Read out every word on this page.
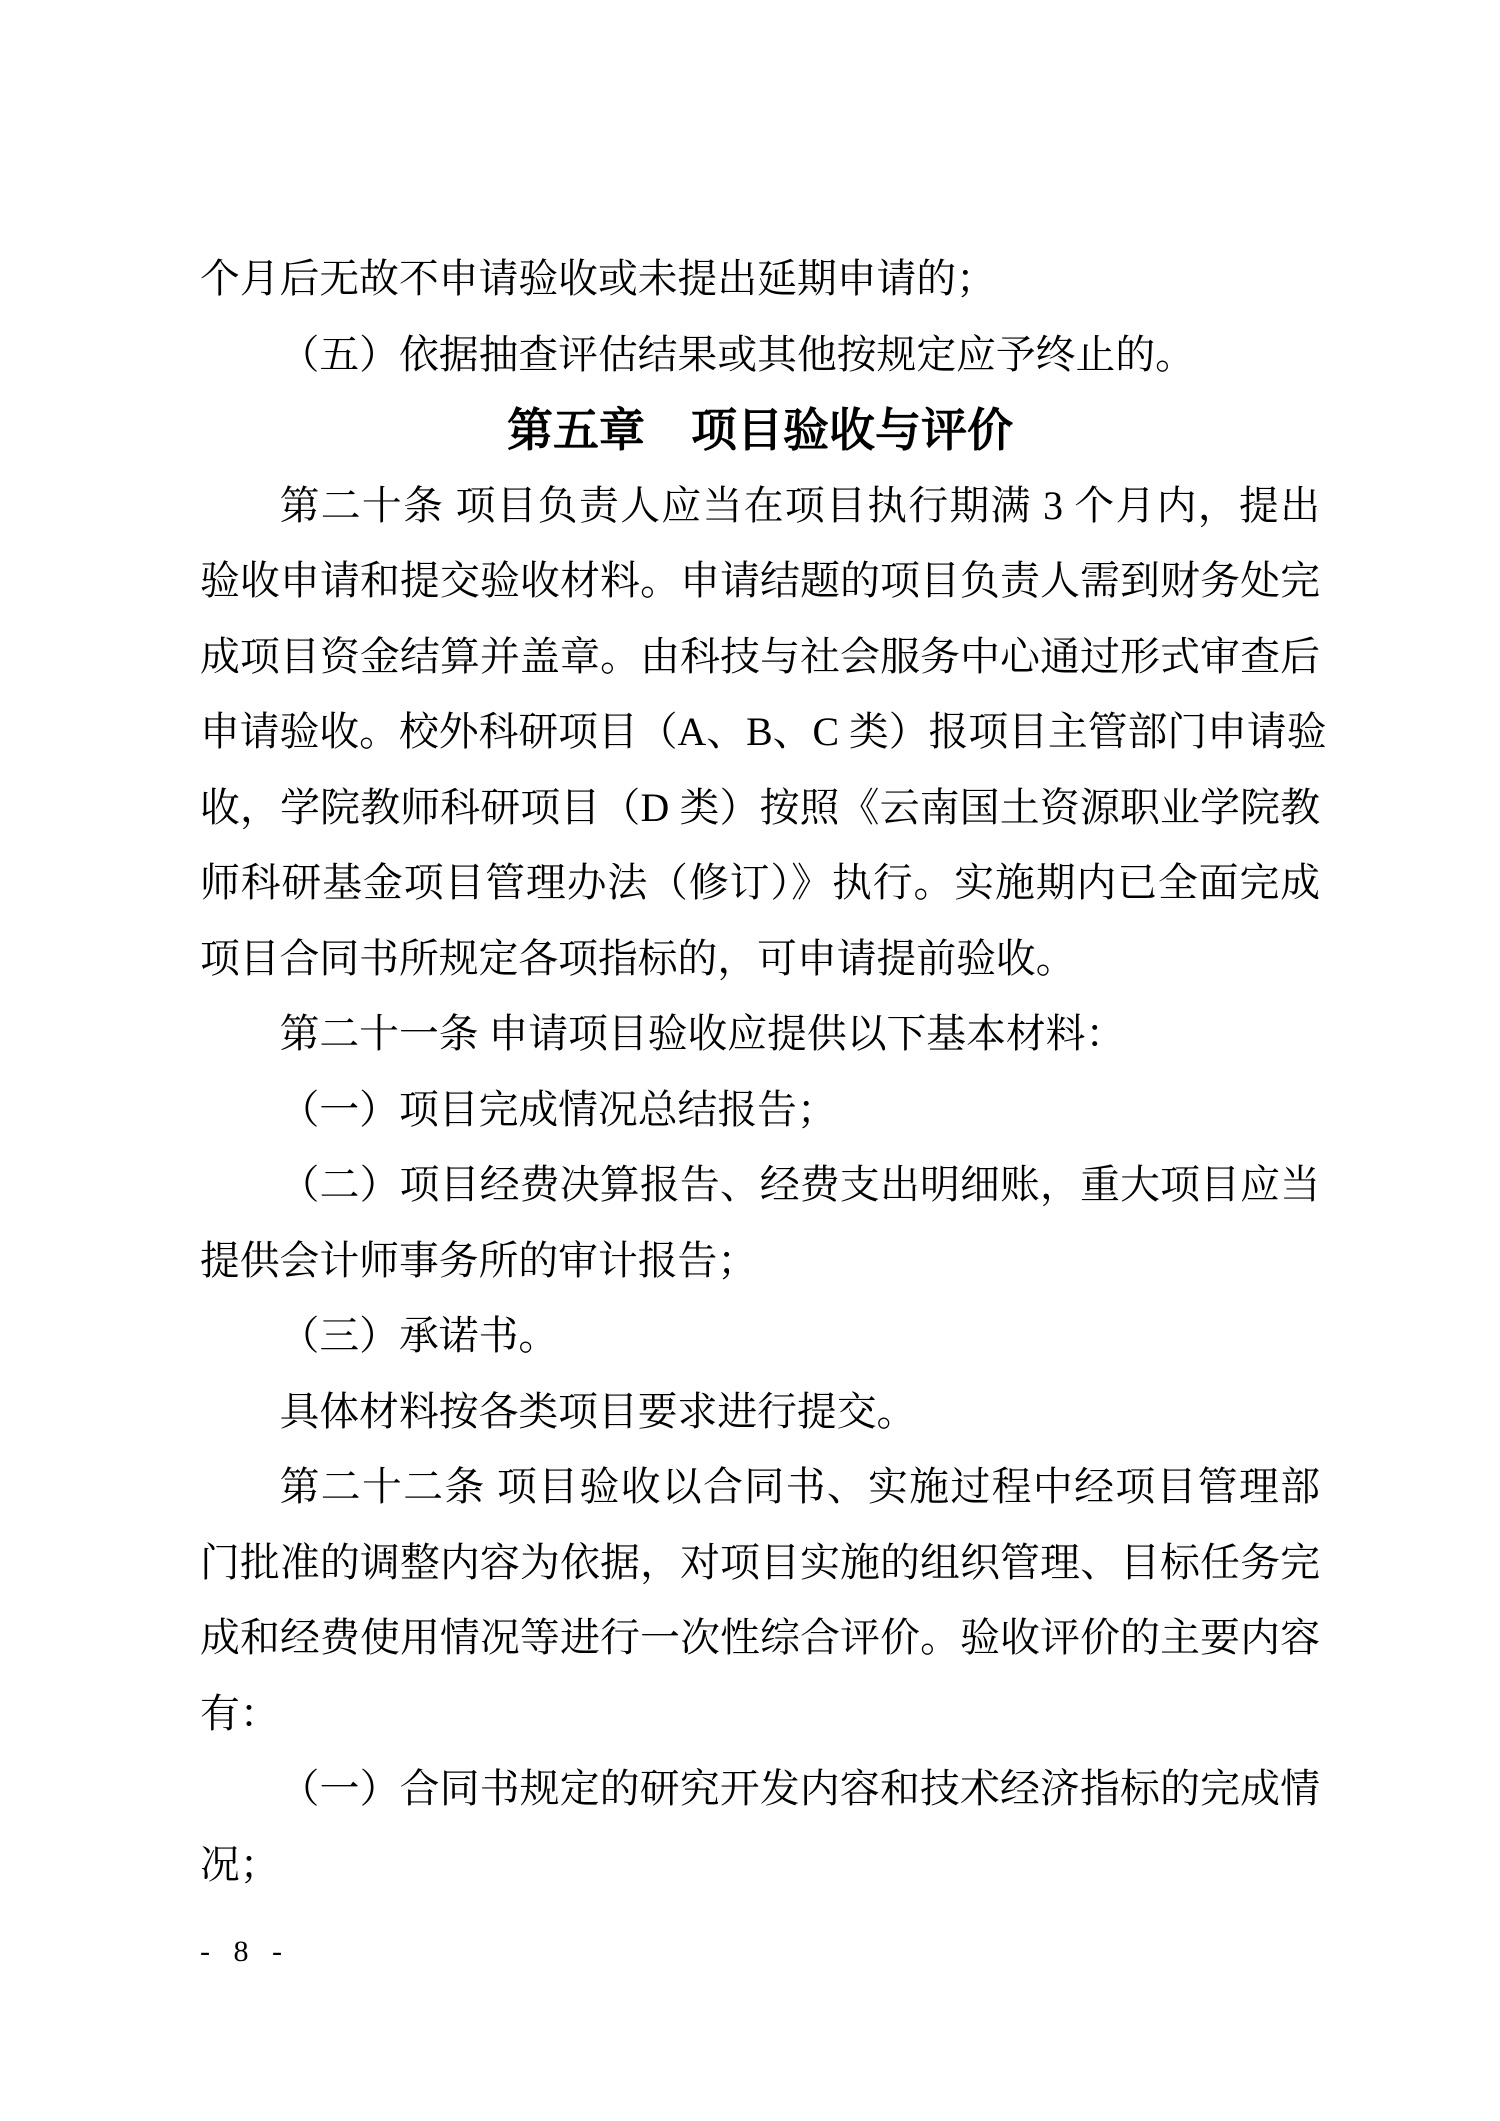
个月后无故不申请验收或未提出延期申请的；
（五）依据抽查评估结果或其他按规定应予终止的。
第五章　项目验收与评价
第二十条 项目负责人应当在项目执行期满 3 个月内，提出
验收申请和提交验收材料。申请结题的项目负责人需到财务处完
成项目资金结算并盖章。由科技与社会服务中心通过形式审查后
申请验收。校外科研项目（A、B、C 类）报项目主管部门申请验
收，学院教师科研项目（D 类）按照《云南国土资源职业学院教
师科研基金项目管理办法（修订）》执行。实施期内已全面完成
项目合同书所规定各项指标的，可申请提前验收。
第二十一条 申请项目验收应提供以下基本材料：
（一）项目完成情况总结报告；
（二）项目经费决算报告、经费支出明细账，重大项目应当
提供会计师事务所的审计报告；
（三）承诺书。
具体材料按各类项目要求进行提交。
第二十二条 项目验收以合同书、实施过程中经项目管理部
门批准的调整内容为依据，对项目实施的组织管理、目标任务完
成和经费使用情况等进行一次性综合评价。验收评价的主要内容
有：
（一）合同书规定的研究开发内容和技术经济指标的完成情
况；
- 8 -
